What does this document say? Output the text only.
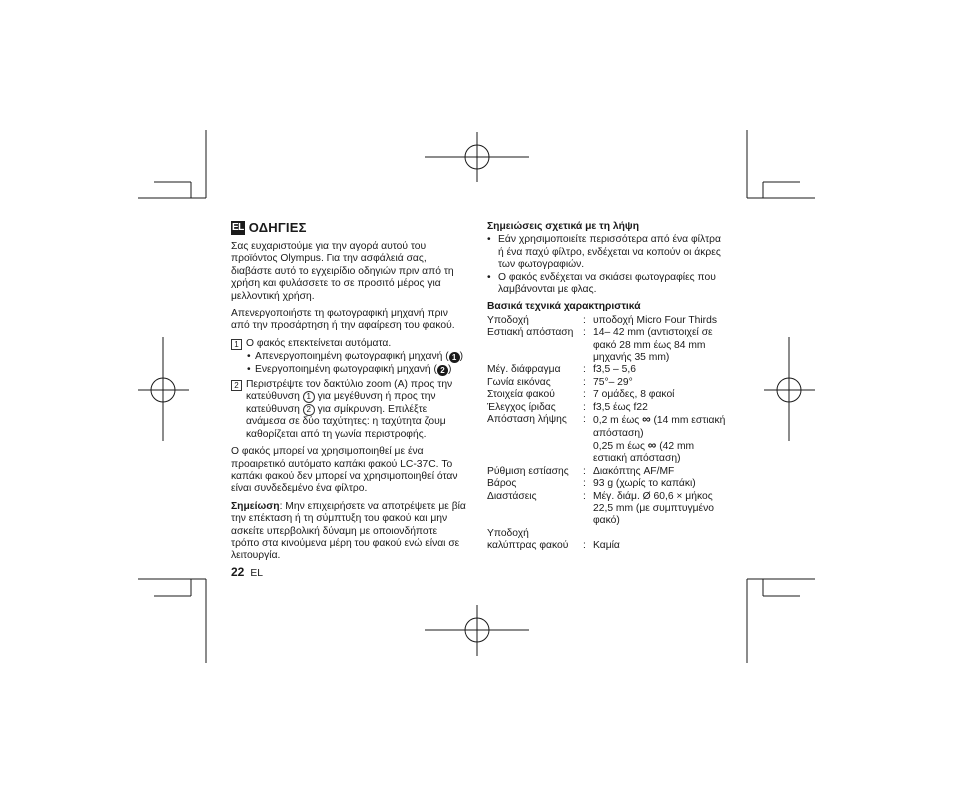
EL ΟΔΗΓΙΕΣ

Σας ευχαριστούμε για την αγορά αυτού του προϊόντος Olympus. Για την ασφάλειά σας, διαβάστε αυτό το εγχειρίδιο οδηγιών πριν από τη χρήση και φυλάσσετε το σε προσιτό μέρος για μελλοντική χρήση.

Απενεργοποιήστε τη φωτογραφική μηχανή πριν από την προσάρτηση ή την αφαίρεση του φακού.

1 Ο φακός επεκτείνεται αυτόματα.
• Απενεργοποιημένη φωτογραφική μηχανή ( 1 )
• Ενεργοποιημένη φωτογραφική μηχανή ( 2 )
2 Περιστρέψτε τον δακτύλιο zoom (A) προς την κατεύθυνση 1 για μεγέθυνση ή προς την κατεύθυνση 2 για σμίκρυνση. Επιλέξτε ανάμεσα σε δύο ταχύτητες: η ταχύτητα ζουμ καθορίζεται από τη γωνία περιστροφής.

Ο φακός μπορεί να χρησιμοποιηθεί με ένα προαιρετικό αυτόματο καπάκι φακού LC-37C. Το καπάκι φακού δεν μπορεί να χρησιμοποιηθεί όταν είναι συνδεδεμένο ένα φίλτρο.

Σημείωση: Μην επιχειρήσετε να αποτρέψετε με βία την επέκταση ή τη σύμπτυξη του φακού και μην ασκείτε υπερβολική δύναμη με οποιονδήποτε τρόπο στα κινούμενα μέρη του φακού ενώ είναι σε λειτουργία.

22 EL
Σημειώσεις σχετικά με τη λήψη
• Εάν χρησιμοποιείτε περισσότερα από ένα φίλτρα ή ένα παχύ φίλτρο, ενδέχεται να κοπούν οι άκρες των φωτογραφιών.
• Ο φακός ενδέχεται να σκιάσει φωτογραφίες που λαμβάνονται με φλας.
Βασικά τεχνικά χαρακτηριστικά
Υποδοχή	:	υποδοχή Micro Four Thirds
Εστιακή απόσταση	:	14– 42 mm (αντιστοιχεί σε φακό 28 mm έως 84 mm μηχανής 35 mm)
Μέγ. διάφραγμα	:	f3,5 – 5,6
Γωνία εικόνας	:	75°– 29°
Στοιχεία φακού	:	7 ομάδες, 8 φακοί
Έλεγχος ίριδας	:	f3,5 έως f22
Απόσταση λήψης	:	0,2 m έως ∞ (14 mm εστιακή απόσταση)
0,25 m έως ∞ (42 mm εστιακή απόσταση)

Ρύθμιση εστίασης	:	Διακόπτης AF/MF
Βάρος	:	93 g (χωρίς το καπάκι)
Διαστάσεις	:	Μέγ. διάμ. Ø 60,6 × μήκος 22,5 mm (με συμπτυγμένο φακό)

Υποδοχή
καλύπτρας φακού	:	Καμία
